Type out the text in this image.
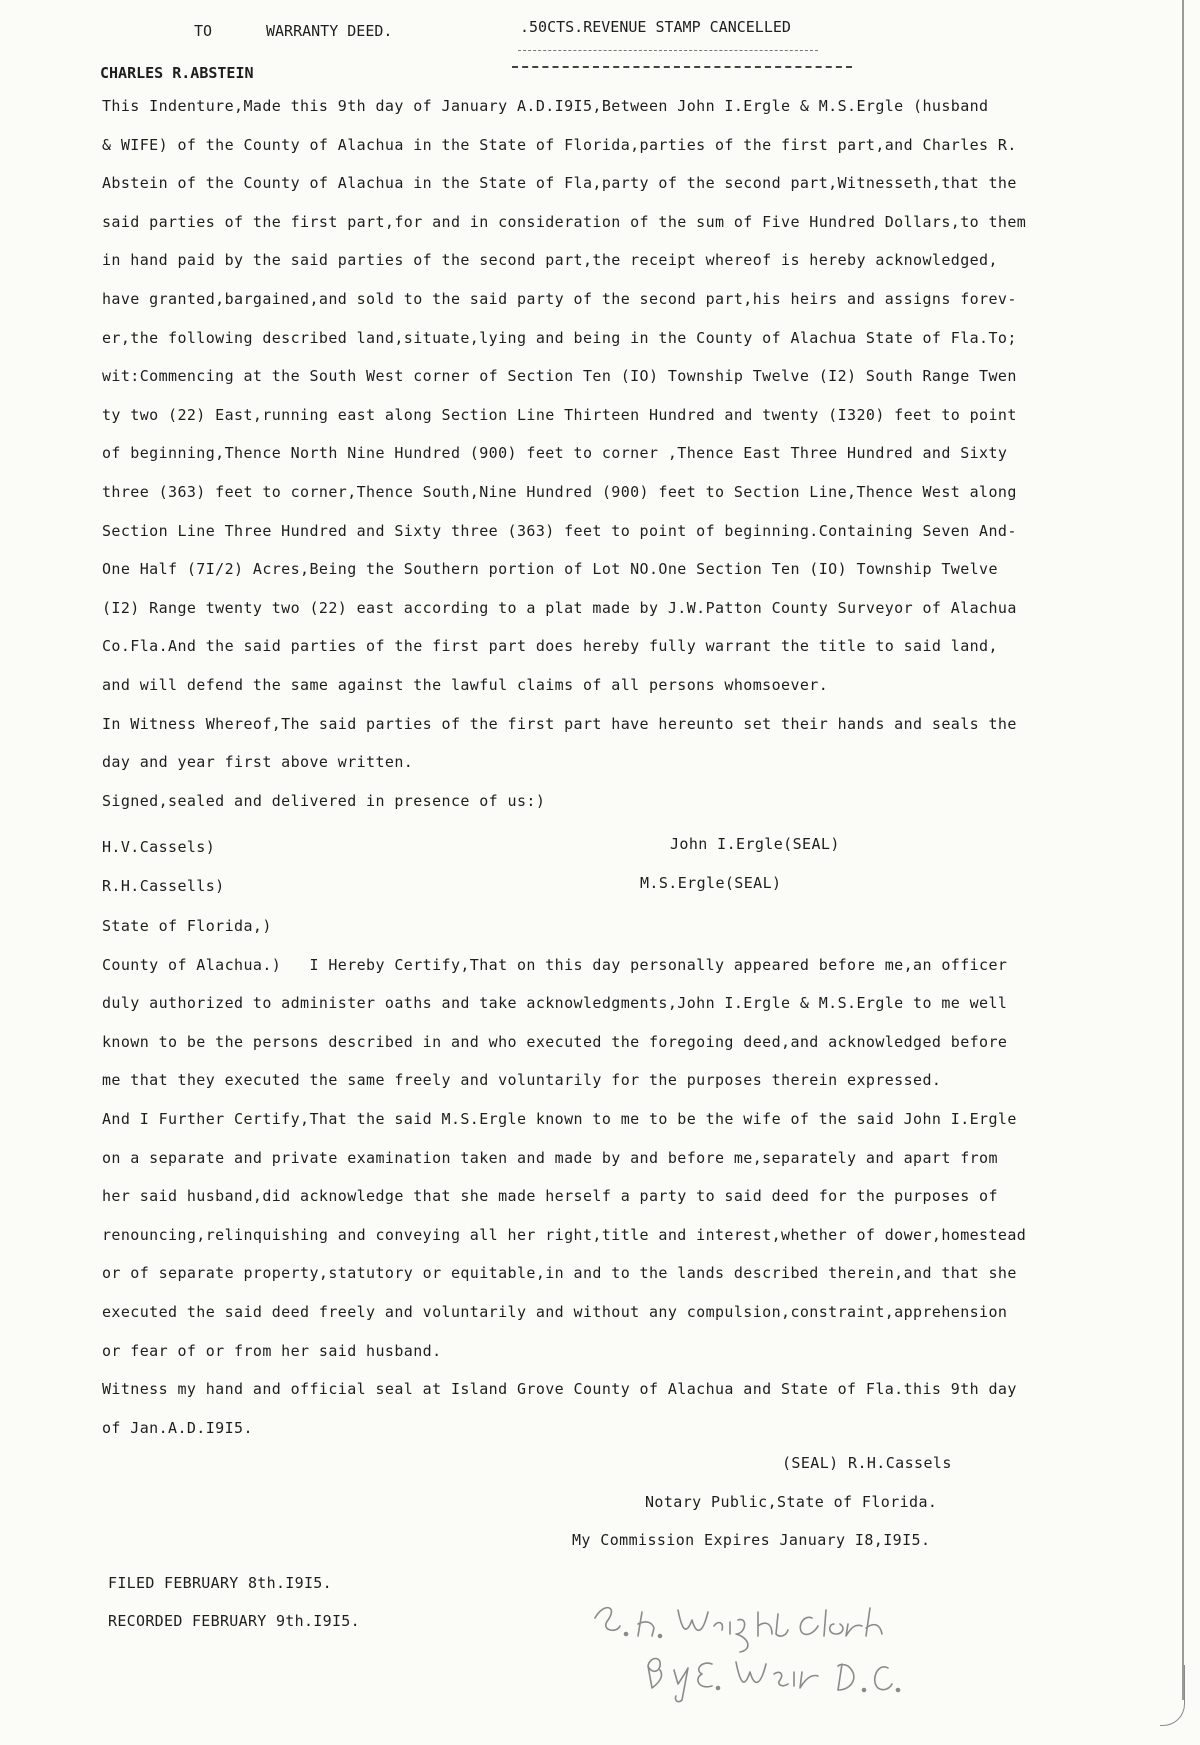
TO	WARRANTY DEED.	.50CTS.REVENUE STAMP CANCELLED
CHARLES R.ABSTEIN
This Indenture,Made this 9th day of January A.D.I9I5,Between John I.Ergle & M.S.Ergle (husband
& WIFE) of the County of Alachua in the State of Florida,parties of the first part,and Charles R.
Abstein of the County of Alachua in the State of Fla,party of the second part,Witnesseth,that the
said parties of the first part,for and in consideration of the sum of Five Hundred Dollars,to them
in hand paid by the said parties of the second part,the receipt whereof is hereby acknowledged,
have granted,bargained,and sold to the said party of the second part,his heirs and assigns forev-
er,the following described land,situate,lying and being in the County of Alachua State of Fla.To;
wit:Commencing at the South West corner of Section Ten (IO) Township Twelve (I2) South Range Twen
ty two (22) East,running east along Section Line Thirteen Hundred and twenty (I320) feet to point
of beginning,Thence North Nine Hundred (900) feet to corner ,Thence East Three Hundred and Sixty
three (363) feet to corner,Thence South,Nine Hundred (900) feet to Section Line,Thence West along
Section Line Three Hundred and Sixty three (363) feet to point of beginning.Containing Seven And-
One Half (7I/2) Acres,Being the Southern portion of Lot NO.One Section Ten (IO) Township Twelve
(I2) Range twenty two (22) east according to a plat made by J.W.Patton County Surveyor of Alachua
Co.Fla.And the said parties of the first part does hereby fully warrant the title to said land,
and will defend the same against the lawful claims of all persons whomsoever.
In Witness Whereof,The said parties of the first part have hereunto set their hands and seals the
day and year first above written.
Signed,sealed and delivered in presence of us:)
H.V.Cassels)	John I.Ergle(SEAL)
R.H.Cassells)	M.S.Ergle(SEAL)
State of Florida,)
County of Alachua.)   I Hereby Certify,That on this day personally appeared before me,an officer
duly authorized to administer oaths and take acknowledgments,John I.Ergle & M.S.Ergle to me well
known to be the persons described in and who executed the foregoing deed,and acknowledged before
me that they executed the same freely and voluntarily for the purposes therein expressed.
And I Further Certify,That the said M.S.Ergle known to me to be the wife of the said John I.Ergle
on a separate and private examination taken and made by and before me,separately and apart from
her said husband,did acknowledge that she made herself a party to said deed for the purposes of
renouncing,relinquishing and conveying all her right,title and interest,whether of dower,homestead
or of separate property,statutory or equitable,in and to the lands described therein,and that she
executed the said deed freely and voluntarily and without any compulsion,constraint,apprehension
or fear of or from her said husband.
Witness my hand and official seal at Island Grove County of Alachua and State of Fla.this 9th day
of Jan.A.D.I9I5.
(SEAL) R.H.Cassels
Notary Public,State of Florida.
My Commission Expires January I8,I9I5.
FILED FEBRUARY 8th.I9I5.
RECORDED FEBRUARY 9th.I9I5.
